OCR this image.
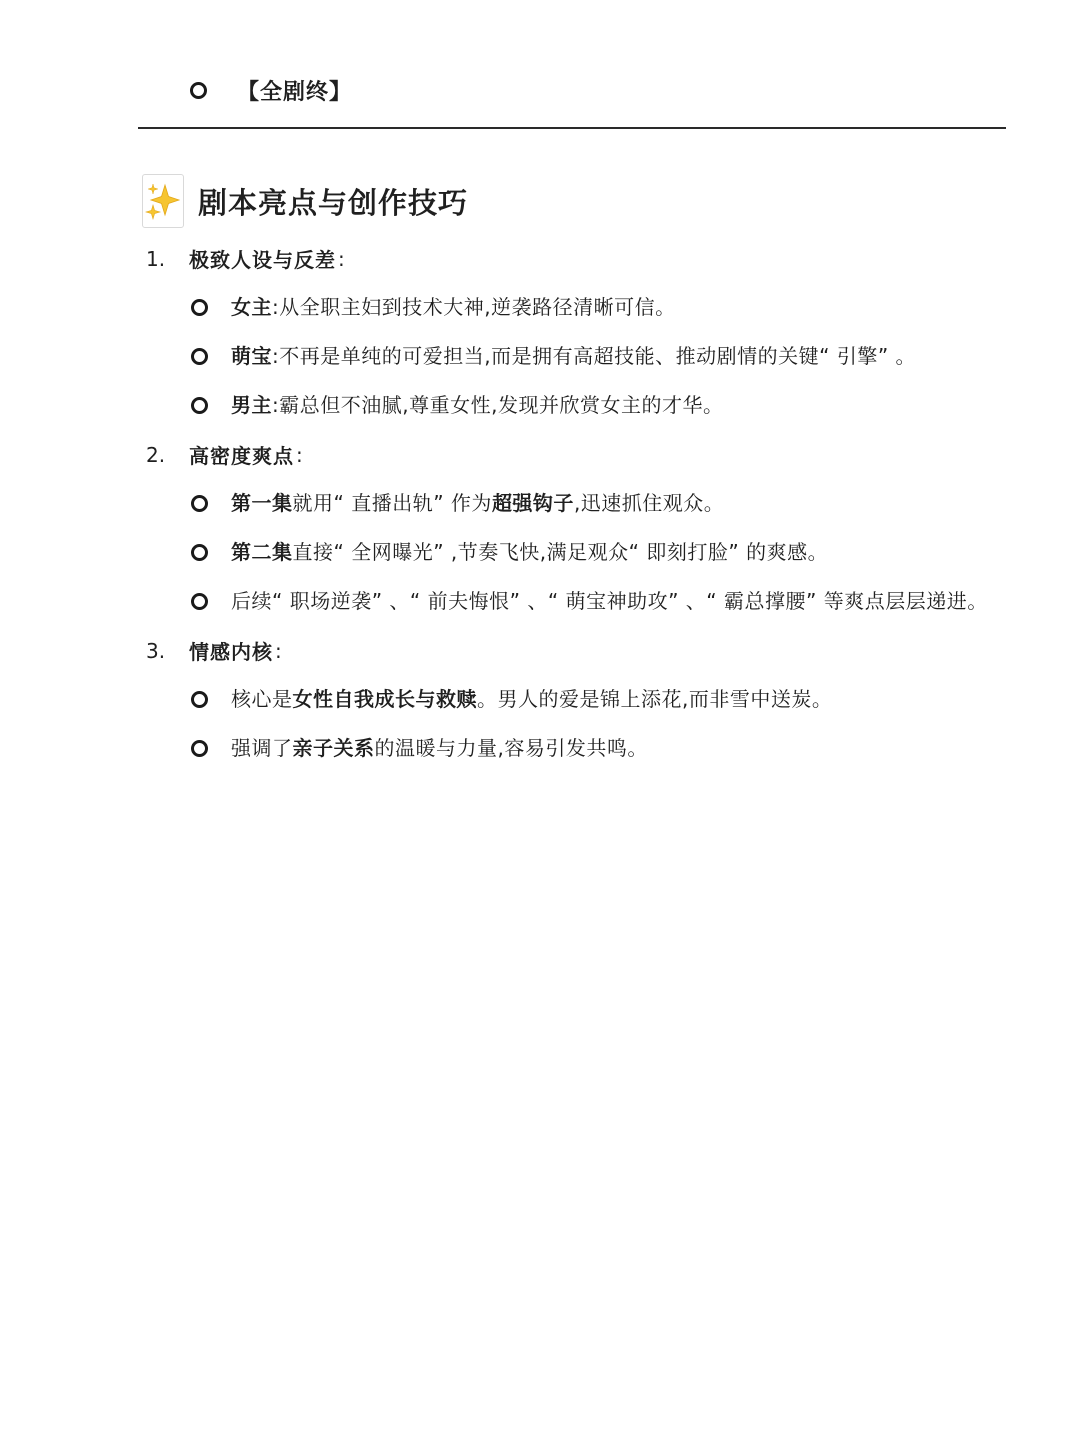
【全剧终】
剧本亮点与创作技巧
1.	极致人设与反差 :
女主:从全职主妇到技术大神,逆袭路径清晰可信。
萌宝:不再是单纯的可爱担当,而是拥有高超技能、推动剧情的关键“ 引擎” 。
男主:霸总但不油腻,尊重女性,发现并欣赏女主的才华。
2.	高密度爽点 :
第一集就用“ 直播出轨” 作为超强钩子,迅速抓住观众。
第二集直接“ 全网曝光” ,节奏飞快,满足观众“ 即刻打脸” 的爽感。
后续“ 职场逆袭” 、“ 前夫悔恨” 、“ 萌宝神助攻” 、“ 霸总撑腰” 等爽点层层递进。
3.	情感内核 :
核心是女性自我成长与救赎。男人的爱是锦上添花,而非雪中送炭。
强调了亲子关系的温暖与力量,容易引发共鸣。
